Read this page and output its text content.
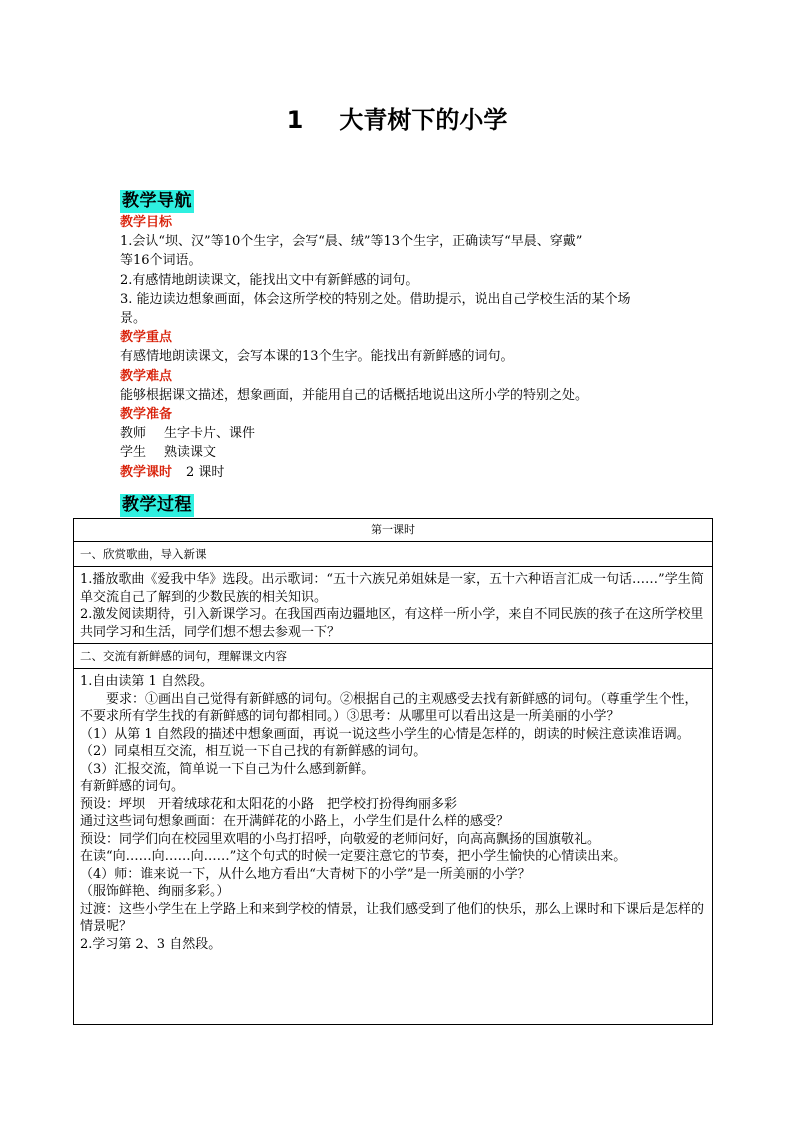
1 大青树下的小学
教学导航
教学目标

1.会认“坝、汉”等10个生字，会写“晨、绒”等13个生字，正确读写“早晨、穿戴”

等16个词语。

2.有感情地朗读课文，能找出文中有新鲜感的词句。

3. 能边读边想象画面，体会这所学校的特别之处。借助提示，说出自己学校生活的某个场

景。

教学重点

有感情地朗读课文，会写本课的13个生字。能找出有新鲜感的词句。

教学难点

能够根据课文描述，想象画面，并能用自己的话概括地说出这所小学的特别之处。

教学准备

教师 生字卡片、课件

学生 熟读课文

教学课时 2 课时
教学过程
第一课时
一、欣赏歌曲，导入新课

1.播放歌曲《爱我中华》选段。出示歌词：“五十六族兄弟姐妹是一家，五十六种语言汇成一句话……”学生简单交流自己了解到的少数民族的相关知识。

2.激发阅读期待，引入新课学习。在我国西南边疆地区，有这样一所小学，来自不同民族的孩子在这所学校里共同学习和生活，同学们想不想去参观一下？

二、交流有新鲜感的词句，理解课文内容

1.自由读第 1 自然段。

要求：①画出自己觉得有新鲜感的词句。②根据自己的主观感受去找有新鲜感的词句。（尊重学生个性，不要求所有学生找的有新鲜感的词句都相同。）③思考：从哪里可以看出这是一所美丽的小学？

（1）从第 1 自然段的描述中想象画面，再说一说这些小学生的心情是怎样的，朗读的时候注意读准语调。

（2）同桌相互交流，相互说一下自己找的有新鲜感的词句。

（3）汇报交流，简单说一下自己为什么感到新鲜。

有新鲜感的词句。

预设：坪坝　开着绒球花和太阳花的小路　把学校打扮得绚丽多彩

通过这些词句想象画面：在开满鲜花的小路上，小学生们是什么样的感受？

预设：同学们向在校园里欢唱的小鸟打招呼，向敬爱的老师问好，向高高飘扬的国旗敬礼。

在读“向……向……向……”这个句式的时候一定要注意它的节奏，把小学生愉快的心情读出来。

（4）师：谁来说一下，从什么地方看出“大青树下的小学”是一所美丽的小学？

（服饰鲜艳、绚丽多彩。）

过渡：这些小学生在上学路上和来到学校的情景，让我们感受到了他们的快乐，那么上课时和下课后是怎样的情景呢？

2.学习第 2、3 自然段。
